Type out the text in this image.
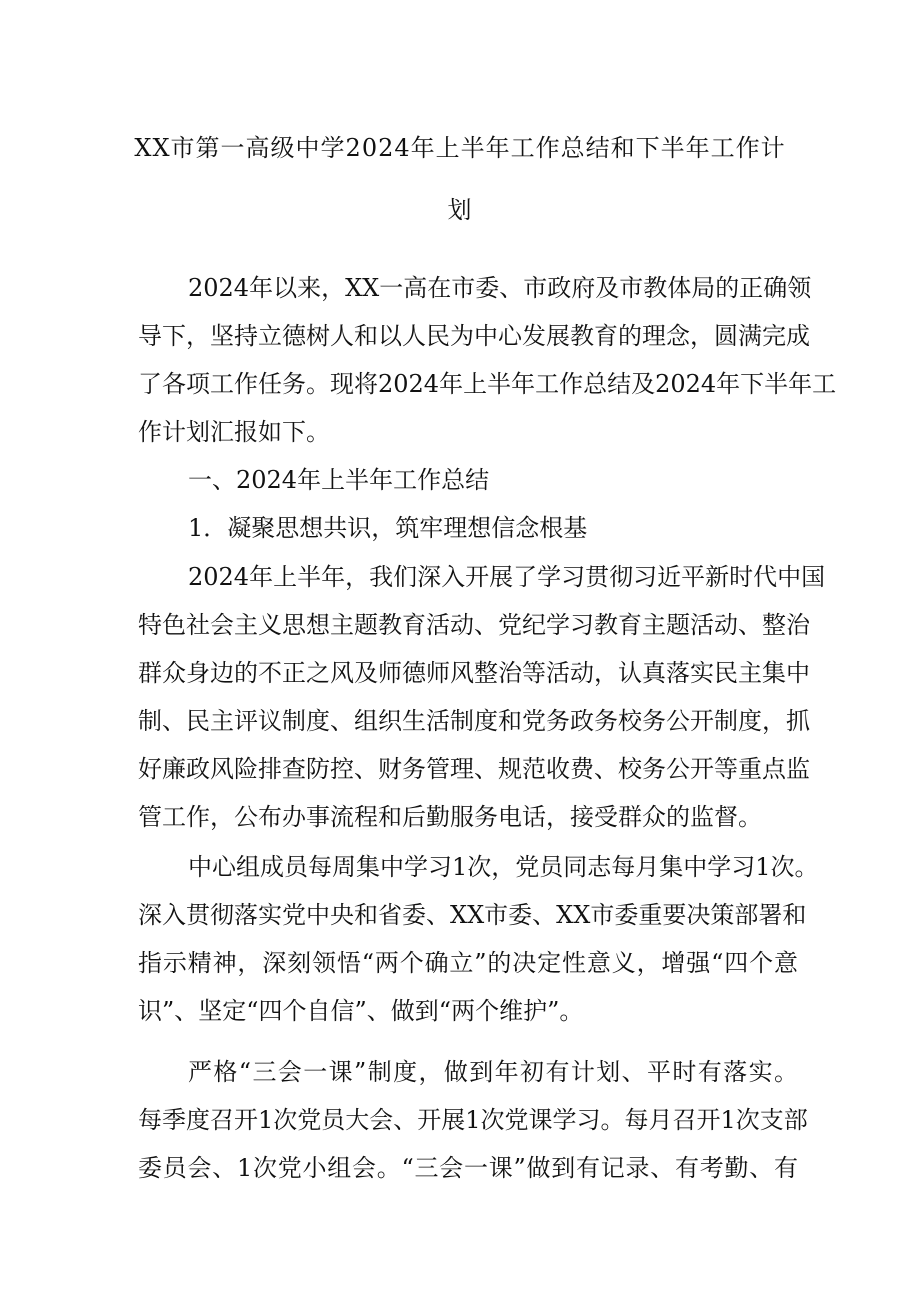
XX市第一高级中学2024年上半年工作总结和下半年工作计
划
2024年以来，XX一高在市委、市政府及市教体局的正确领
导下，坚持立德树人和以人民为中心发展教育的理念，圆满完成
了各项工作任务。现将2024年上半年工作总结及2024年下半年工
作计划汇报如下。
一、2024年上半年工作总结
1．凝聚思想共识，筑牢理想信念根基
2024年上半年，我们深入开展了学习贯彻习近平新时代中国
特色社会主义思想主题教育活动、党纪学习教育主题活动、整治
群众身边的不正之风及师德师风整治等活动，认真落实民主集中
制、民主评议制度、组织生活制度和党务政务校务公开制度，抓
好廉政风险排查防控、财务管理、规范收费、校务公开等重点监
管工作，公布办事流程和后勤服务电话，接受群众的监督。
中心组成员每周集中学习1次，党员同志每月集中学习1次。
深入贯彻落实党中央和省委、XX市委、XX市委重要决策部署和
指示精神，深刻领悟“两个确立”的决定性意义，增强“四个意
识”、坚定“四个自信”、做到“两个维护”。
严格“三会一课”制度，做到年初有计划、平时有落实。
每季度召开1次党员大会、开展1次党课学习。每月召开1次支部
委员会、1次党小组会。“三会一课”做到有记录、有考勤、有
